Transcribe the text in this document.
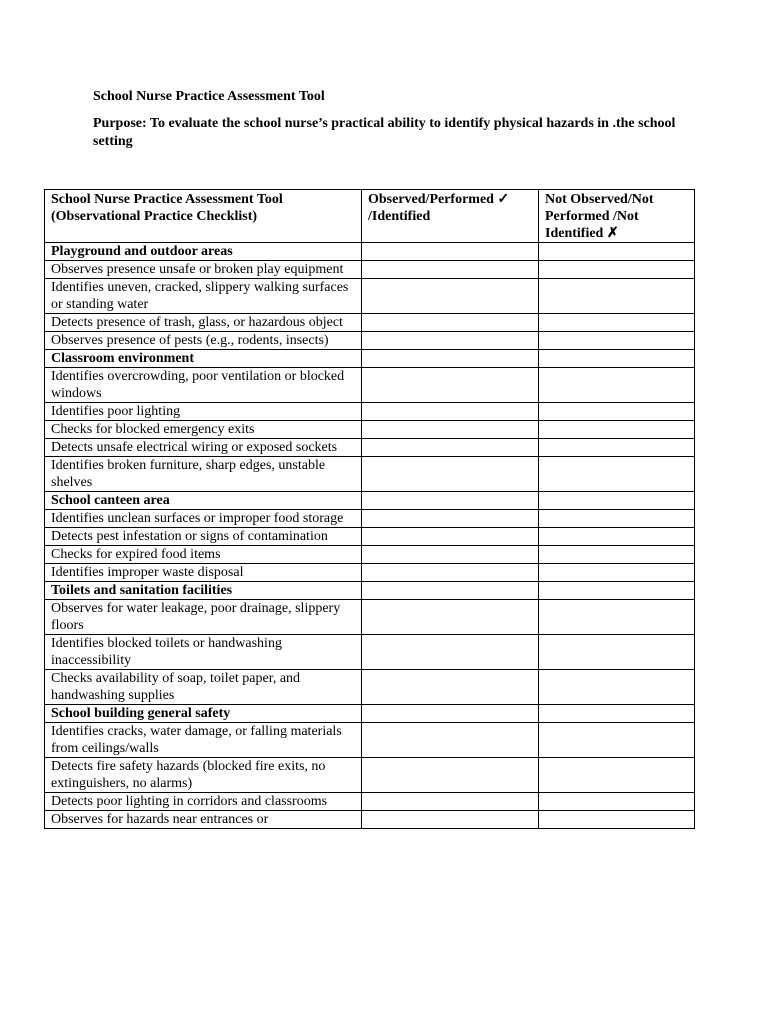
School Nurse Practice Assessment Tool
Purpose: To evaluate the school nurse’s practical ability to identify physical hazards in .the school setting
School Nurse Practice Assessment Tool (Observational Practice Checklist)	Observed/Performed ✓ /Identified	Not Observed/Not Performed /Not Identified ✗
Playground and outdoor areas		
Observes presence unsafe or broken play equipment		
Identifies uneven, cracked, slippery walking surfaces or standing water		
Detects presence of trash, glass, or hazardous object		
Observes presence of pests (e.g., rodents, insects)		
Classroom environment		
Identifies overcrowding, poor ventilation or blocked windows		
Identifies poor lighting		
Checks for blocked emergency exits		
Detects unsafe electrical wiring or exposed sockets		
Identifies broken furniture, sharp edges, unstable shelves		
School canteen area		
Identifies unclean surfaces or improper food storage		
Detects pest infestation or signs of contamination		
Checks for expired food items		
Identifies improper waste disposal		
Toilets and sanitation facilities		
Observes for water leakage, poor drainage, slippery floors		
Identifies blocked toilets or handwashing inaccessibility		
Checks availability of soap, toilet paper, and handwashing supplies		
School building general safety		
Identifies cracks, water damage, or falling materials from ceilings/walls		
Detects fire safety hazards (blocked fire exits, no extinguishers, no alarms)		
Detects poor lighting in corridors and classrooms		
Observes for hazards near entrances or		
